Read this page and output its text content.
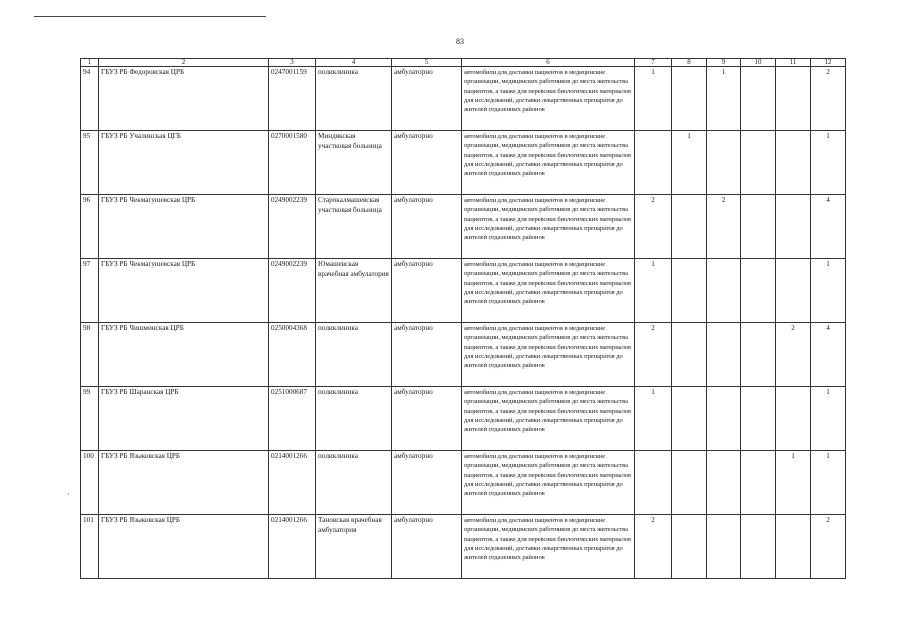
83
·
1	2	3	4	5	6	7	8	9	10	11	12
94	ГБУЗ РБ Федоровская ЦРБ	0247001159	поликлиника	амбулаторно	автомобили для доставки пациентов в медицинские организации, медицинских работников до места жительства пациентов, а также для перевозки биологических материалов для исследований, доставки лекарственных препаратов до жителей отдаленных районов	1		1			2
95	ГБУЗ РБ Учалинская ЦГБ	0270001580	Миндякская участковая больница	амбулаторно	автомобили для доставки пациентов в медицинские организации, медицинских работников до места жительства пациентов, а также для перевозки биологических материалов для исследований, доставки лекарственных препаратов до жителей отдаленных районов		1				1
96	ГБУЗ РБ Чекмагушевская ЦРБ	0249002239	Старокалмашевская участковая больница	амбулаторно	автомобили для доставки пациентов в медицинские организации, медицинских работников до места жительства пациентов, а также для перевозки биологических материалов для исследований, доставки лекарственных препаратов до жителей отдаленных районов	2		2			4
97	ГБУЗ РБ Чекмагушевская ЦРБ	0249002239	Юмашевская врачебная амбулатория	амбулаторно	автомобили для доставки пациентов в медицинские организации, медицинских работников до места жительства пациентов, а также для перевозки биологических материалов для исследований, доставки лекарственных препаратов до жителей отдаленных районов	1					1
98	ГБУЗ РБ Чишминская ЦРБ	0250004368	поликлиника	амбулаторно	автомобили для доставки пациентов в медицинские организации, медицинских работников до места жительства пациентов, а также для перевозки биологических материалов для исследований, доставки лекарственных препаратов до жителей отдаленных районов	2				2	4
99	ГБУЗ РБ Шаранская ЦРБ	0251000687	поликлиника	амбулаторно	автомобили для доставки пациентов в медицинские организации, медицинских работников до места жительства пациентов, а также для перевозки биологических материалов для исследований, доставки лекарственных препаратов до жителей отдаленных районов	1					1
100	ГБУЗ РБ Языковская ЦРБ	0214001266	поликлиника	амбулаторно	автомобили для доставки пациентов в медицинские организации, медицинских работников до места жительства пациентов, а также для перевозки биологических материалов для исследований, доставки лекарственных препаратов до жителей отдаленных районов					1	1
101	ГБУЗ РБ Языковская ЦРБ	0214001266	Тановская врачебная амбулатория	амбулаторно	автомобили для доставки пациентов в медицинские организации, медицинских работников до места жительства пациентов, а также для перевозки биологических материалов для исследований, доставки лекарственных препаратов до жителей отдаленных районов	2					2
